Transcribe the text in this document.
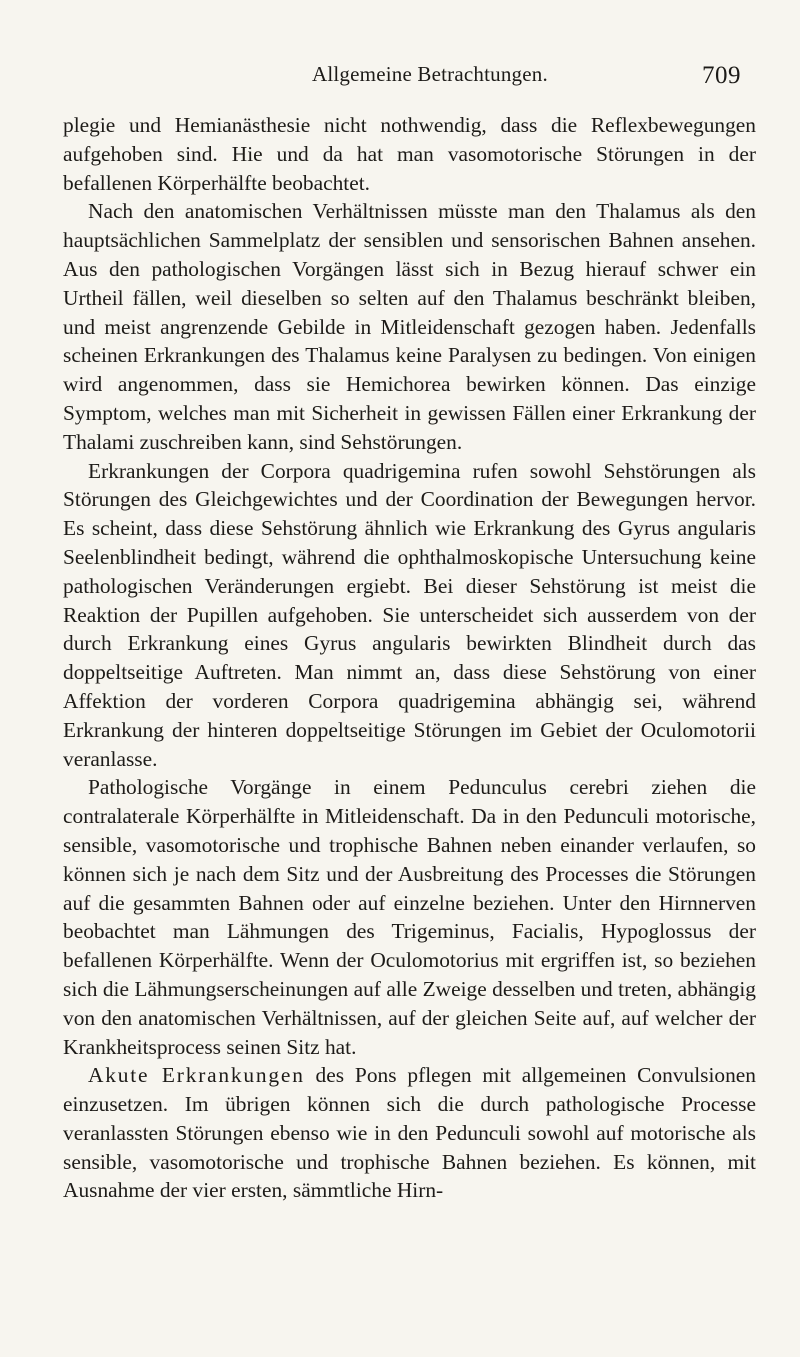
Allgemeine Betrachtungen.	709

plegie und Hemianästhesie nicht nothwendig, dass die Reflexbewegungen aufgehoben sind. Hie und da hat man vasomotorische Störungen in der befallenen Körperhälfte beobachtet.

Nach den anatomischen Verhältnissen müsste man den Thalamus als den hauptsächlichen Sammelplatz der sensiblen und sensorischen Bahnen ansehen. Aus den pathologischen Vorgängen lässt sich in Bezug hierauf schwer ein Urtheil fällen, weil dieselben so selten auf den Thalamus beschränkt bleiben, und meist angrenzende Gebilde in Mitleidenschaft gezogen haben. Jedenfalls scheinen Erkrankungen des Thalamus keine Paralysen zu bedingen. Von einigen wird angenommen, dass sie Hemichorea bewirken können. Das einzige Symptom, welches man mit Sicherheit in gewissen Fällen einer Erkrankung der Thalami zuschreiben kann, sind Sehstörungen.

Erkrankungen der Corpora quadrigemina rufen sowohl Sehstörungen als Störungen des Gleichgewichtes und der Coordination der Bewegungen hervor. Es scheint, dass diese Sehstörung ähnlich wie Erkrankung des Gyrus angularis Seelenblindheit bedingt, während die ophthalmoskopische Untersuchung keine pathologischen Veränderungen ergiebt. Bei dieser Sehstörung ist meist die Reaktion der Pupillen aufgehoben. Sie unterscheidet sich ausserdem von der durch Erkrankung eines Gyrus angularis bewirkten Blindheit durch das doppeltseitige Auftreten. Man nimmt an, dass diese Sehstörung von einer Affektion der vorderen Corpora quadrigemina abhängig sei, während Erkrankung der hinteren doppeltseitige Störungen im Gebiet der Oculomotorii veranlasse.

Pathologische Vorgänge in einem Pedunculus cerebri ziehen die contralaterale Körperhälfte in Mitleidenschaft. Da in den Pedunculi motorische, sensible, vasomotorische und trophische Bahnen neben einander verlaufen, so können sich je nach dem Sitz und der Ausbreitung des Processes die Störungen auf die gesammten Bahnen oder auf einzelne beziehen. Unter den Hirnnerven beobachtet man Lähmungen des Trigeminus, Facialis, Hypoglossus der befallenen Körperhälfte. Wenn der Oculomotorius mit ergriffen ist, so beziehen sich die Lähmungserscheinungen auf alle Zweige desselben und treten, abhängig von den anatomischen Verhältnissen, auf der gleichen Seite auf, auf welcher der Krankheitsprocess seinen Sitz hat.

Akute Erkrankungen des Pons pflegen mit allgemeinen Convulsionen einzusetzen. Im übrigen können sich die durch pathologische Processe veranlassten Störungen ebenso wie in den Pedunculi sowohl auf motorische als sensible, vasomotorische und trophische Bahnen beziehen. Es können, mit Ausnahme der vier ersten, sämmtliche Hirn-
